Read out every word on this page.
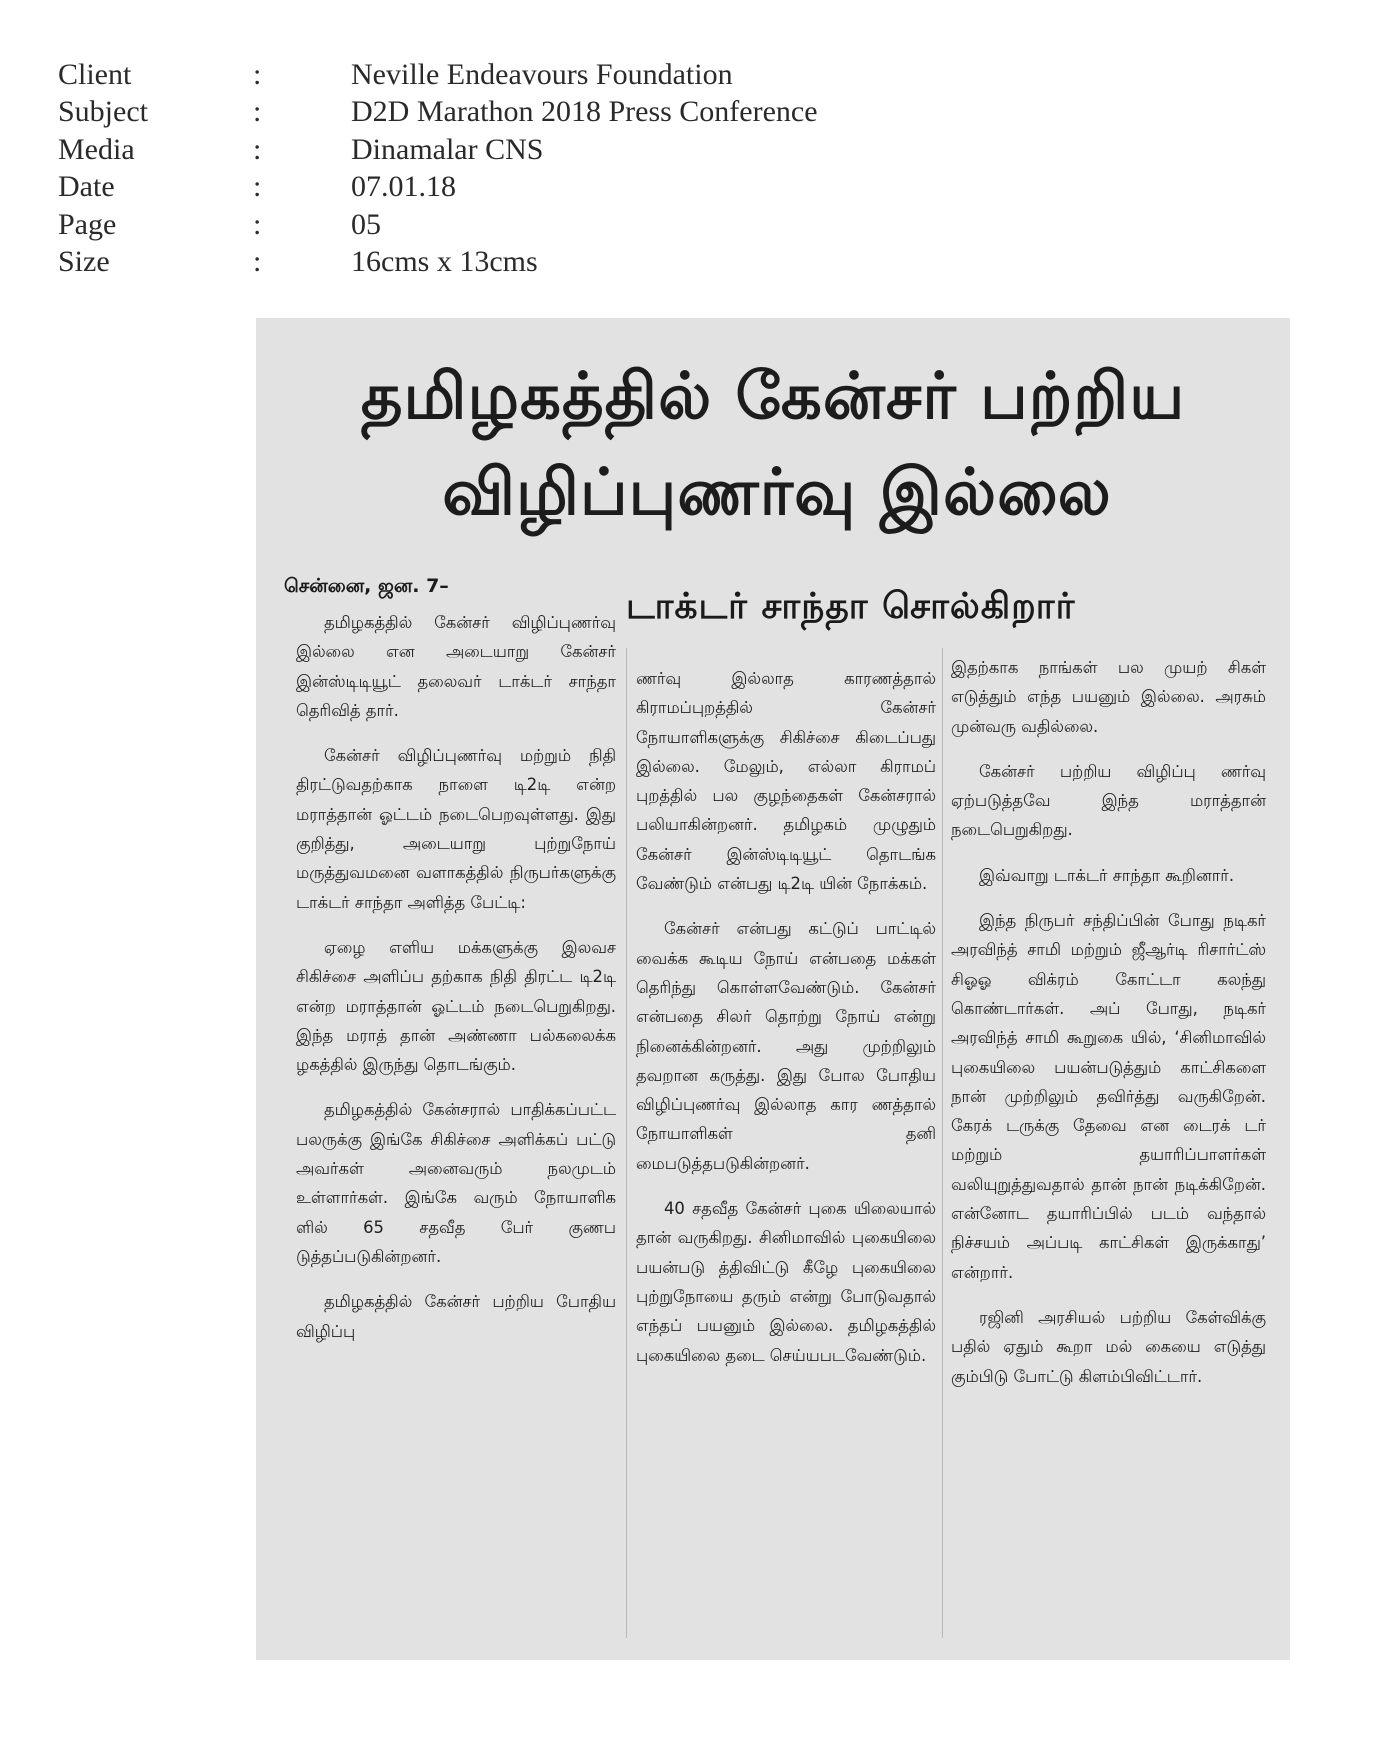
Client	:	Neville Endeavours Foundation
Subject	:	D2D Marathon 2018 Press Conference
Media	:	Dinamalar CNS
Date	:	07.01.18
Page	:	05
Size	:	16cms x 13cms
தமிழகத்தில் கேன்சர் பற்றிய
விழிப்புணர்வு இல்லை
சென்னை, ஜன. 7–	டாக்டர் சாந்தா சொல்கிறார்

தமிழகத்தில் கேன்சர் விழிப்புணர்வு இல்லை என அடையாறு கேன்சர் இன்ஸ்டிடியூட் தலைவர் டாக்டர் சாந்தா தெரிவித் தார்.

கேன்சர் விழிப்புணர்வு மற்றும் நிதி திரட்டுவதற்காக நாளை டி2டி என்ற மராத்தான் ஓட்டம் நடைபெறவுள்ளது. இது குறித்து, அடையாறு புற்றுநோய் மருத்துவமனை வளாகத்தில் நிருபர்களுக்கு டாக்டர் சாந்தா அளித்த பேட்டி:

ஏழை எளிய மக்களுக்கு இலவச சிகிச்சை அளிப்ப தற்காக நிதி திரட்ட டி2டி என்ற மராத்தான் ஓட்டம் நடைபெறுகிறது. இந்த மராத் தான் அண்ணா பல்கலைக்க ழகத்தில் இருந்து தொடங்கும்.

தமிழகத்தில் கேன்சரால் பாதிக்கப்பட்ட பலருக்கு இங்கே சிகிச்சை அளிக்கப் பட்டு அவர்கள் அனைவரும் நலமுடம் உள்ளார்கள். இங்கே வரும் நோயாளிக ளில் 65 சதவீத பேர் குணப டுத்தப்படுகின்றனர்.

தமிழகத்தில் கேன்சர் பற்றிய போதிய விழிப்பு

ணர்வு இல்லாத காரணத்தால் கிராமப்புறத்தில் கேன்சர் நோயாளிகளுக்கு சிகிச்சை கிடைப்பது இல்லை. மேலும், எல்லா கிராமப் புறத்தில் பல குழந்தைகள் கேன்சரால் பலியாகின்றனர். தமிழகம் முழுதும் கேன்சர் இன்ஸ்டிடியூட் தொடங்க வேண்டும் என்பது டி2டி யின் நோக்கம்.

கேன்சர் என்பது கட்டுப் பாட்டில் வைக்க கூடிய நோய் என்பதை மக்கள் தெரிந்து கொள்ளவேண்டும். கேன்சர் என்பதை சிலர் தொற்று நோய் என்று நினைக்கின்றனர். அது முற்றிலும் தவறான கருத்து. இது போல போதிய விழிப்புணர்வு இல்லாத கார ணத்தால் நோயாளிகள் தனி மைபடுத்தபடுகின்றனர்.

40 சதவீத கேன்சர் புகை யிலையால் தான் வருகிறது. சினிமாவில் புகையிலை பயன்படு த்திவிட்டு கீழே புகையிலை புற்றுநோயை தரும் என்று போடுவதால் எந்தப் பயனும் இல்லை. தமிழகத்தில் புகையிலை தடை செய்யபடவேண்டும்.

இதற்காக நாங்கள் பல முயற் சிகள் எடுத்தும் எந்த பயனும் இல்லை. அரசும் முன்வரு வதில்லை.

கேன்சர் பற்றிய விழிப்பு ணர்வு ஏற்படுத்தவே இந்த மராத்தான் நடைபெறுகிறது.

இவ்வாறு டாக்டர் சாந்தா கூறினார்.

இந்த நிருபர் சந்திப்பின் போது நடிகர் அரவிந்த் சாமி மற்றும் ஜீஆர்டி ரிசார்ட்ஸ் சிஓஓ விக்ரம் கோட்டா கலந்து கொண்டார்கள். அப் போது, நடிகர் அரவிந்த் சாமி கூறுகை யில், ‘சினிமாவில் புகையிலை பயன்படுத்தும் காட்சிகளை நான் முற்றிலும் தவிர்த்து வருகிறேன். கேரக் டருக்கு தேவை என டைரக் டர் மற்றும் தயாரிப்பாளர்கள் வலியுறுத்துவதால் தான் நான் நடிக்கிறேன். என்னோட தயாரிப்பில் படம் வந்தால் நிச்சயம் அப்படி காட்சிகள் இருக்காது’ என்றார்.

ரஜினி அரசியல் பற்றிய கேள்விக்கு பதில் ஏதும் கூறா மல் கையை எடுத்து கும்பிடு போட்டு கிளம்பிவிட்டார்.
